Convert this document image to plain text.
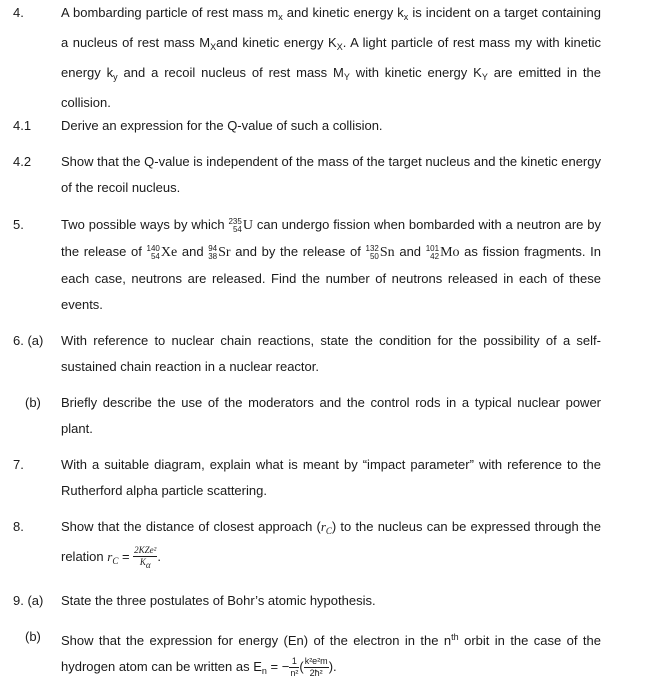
4.	A bombarding particle of rest mass $m_x$ and kinetic energy $k_x$ is incident on a target containing a nucleus of rest mass $M_Xand$ kinetic energy $K_X$. A light particle of rest mass my with kinetic energy $k_y$ and a recoil nucleus of rest mass $M_Y$ with kinetic energy $K_Y$ are emitted in the collision.
4.1 Derive an expression for the Q-value of such a collision.
4.2 Show that the Q-value is independent of the mass of the target nucleus and the kinetic energy of the recoil nucleus.
5.	Two possible ways by which 235
54 U can undergo fission when bombarded with a neutron are by the release of 140
54 Xe and 94
38 Sr and by the release of 132
50 Sn and 101
42 Mo as fission fragments. In each case, neutrons are released. Find the number of neutrons released in each of these events.
6. (a) With reference to nuclear chain reactions, state the condition for the possibility of a self-sustained chain reaction in a nuclear reactor.
(b) Briefly describe the use of the moderators and the control rods in a typical nuclear power plant.
7.	With a suitable diagram, explain what is meant by “impact parameter” with reference to the Rutherford alpha particle scattering.
8.	Show that the distance of closest approach $(r_C)$ to the nucleus can be expressed through the relation $r_C = \frac{\text{2KZe²}}{K\alpha}$ .
9. (a) State the three postulates of Bohr’s atomic hypothesis.
(b) Show that the expression for energy (En) of the electron in the $n^{th}$ orbit in the case of the hydrogen atom can be written as $E_n$ = − $\frac{1}{\text{n²}}$ ( $\frac{\text{k²e²m}}{\text{2ħ²}}$ ).
